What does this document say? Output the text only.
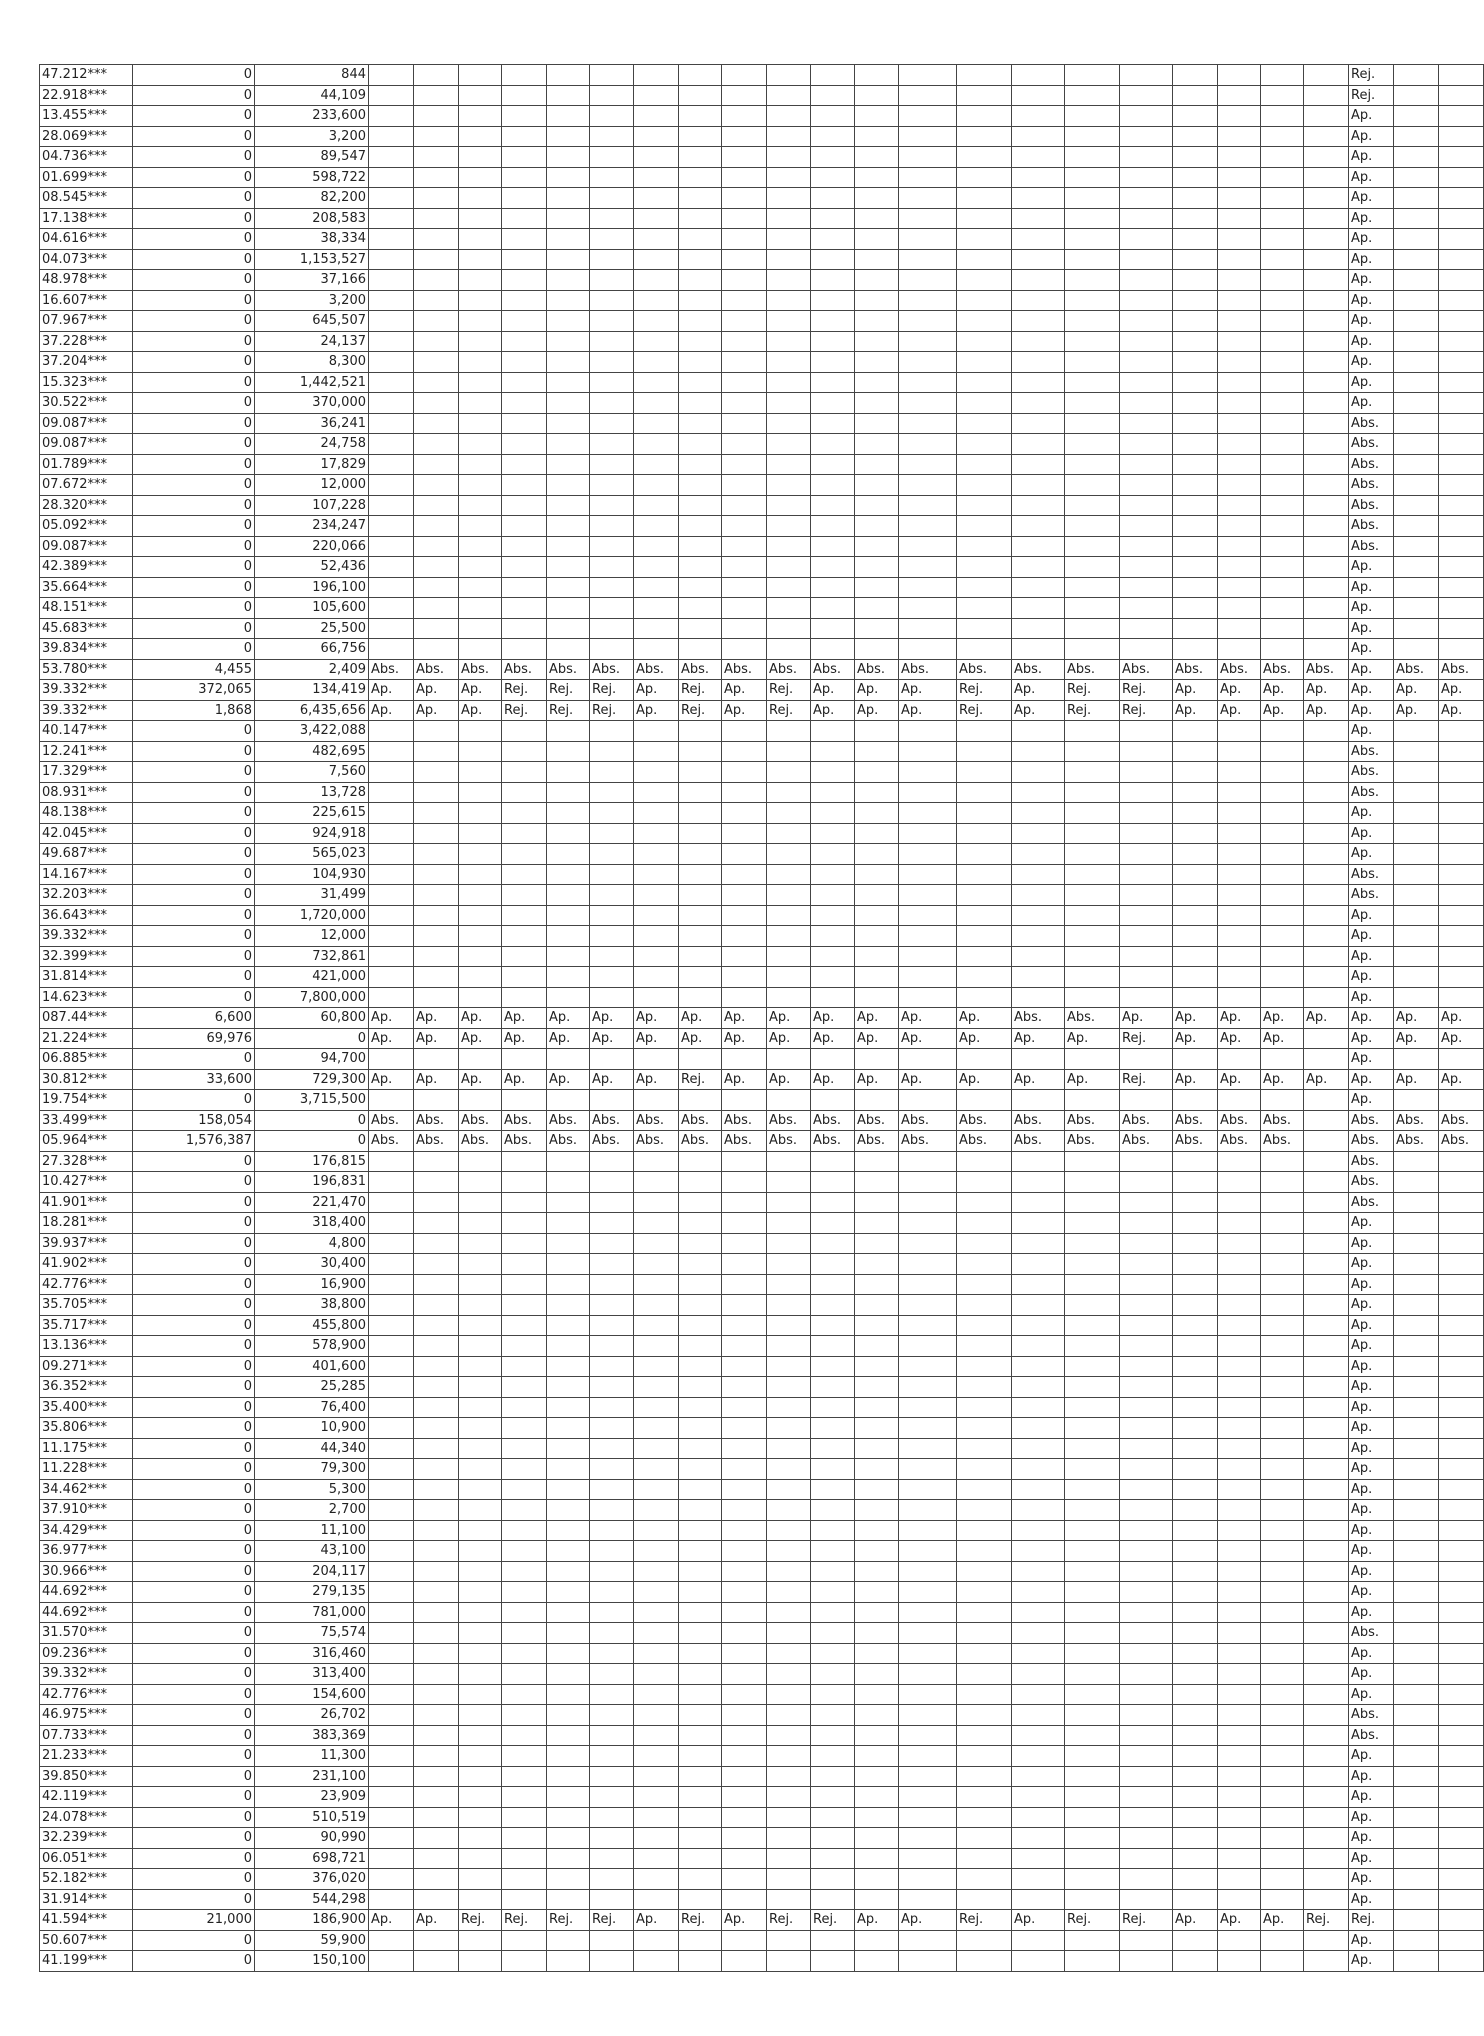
47.212***	0	844																						Rej.		
22.918***	0	44,109																						Rej.		
13.455***	0	233,600																						Ap.		
28.069***	0	3,200																						Ap.		
04.736***	0	89,547																						Ap.		
01.699***	0	598,722																						Ap.		
08.545***	0	82,200																						Ap.		
17.138***	0	208,583																						Ap.		
04.616***	0	38,334																						Ap.		
04.073***	0	1,153,527																						Ap.		
48.978***	0	37,166																						Ap.		
16.607***	0	3,200																						Ap.		
07.967***	0	645,507																						Ap.		
37.228***	0	24,137																						Ap.		
37.204***	0	8,300																						Ap.		
15.323***	0	1,442,521																						Ap.		
30.522***	0	370,000																						Ap.		
09.087***	0	36,241																						Abs.		
09.087***	0	24,758																						Abs.		
01.789***	0	17,829																						Abs.		
07.672***	0	12,000																						Abs.		
28.320***	0	107,228																						Abs.		
05.092***	0	234,247																						Abs.		
09.087***	0	220,066																						Abs.		
42.389***	0	52,436																						Ap.		
35.664***	0	196,100																						Ap.		
48.151***	0	105,600																						Ap.		
45.683***	0	25,500																						Ap.		
39.834***	0	66,756																						Ap.		
53.780***	4,455	2,409	Abs.	Abs.	Abs.	Abs.	Abs.	Abs.	Abs.	Abs.	Abs.	Abs.	Abs.	Abs.	Abs.	Abs.	Abs.	Abs.	Abs.	Abs.	Abs.	Abs.	Abs.	Ap.	Abs.	Abs.
39.332***	372,065	134,419	Ap.	Ap.	Ap.	Rej.	Rej.	Rej.	Ap.	Rej.	Ap.	Rej.	Ap.	Ap.	Ap.	Rej.	Ap.	Rej.	Rej.	Ap.	Ap.	Ap.	Ap.	Ap.	Ap.	Ap.
39.332***	1,868	6,435,656	Ap.	Ap.	Ap.	Rej.	Rej.	Rej.	Ap.	Rej.	Ap.	Rej.	Ap.	Ap.	Ap.	Rej.	Ap.	Rej.	Rej.	Ap.	Ap.	Ap.	Ap.	Ap.	Ap.	Ap.
40.147***	0	3,422,088																						Ap.		
12.241***	0	482,695																						Abs.		
17.329***	0	7,560																						Abs.		
08.931***	0	13,728																						Abs.		
48.138***	0	225,615																						Ap.		
42.045***	0	924,918																						Ap.		
49.687***	0	565,023																						Ap.		
14.167***	0	104,930																						Abs.		
32.203***	0	31,499																						Abs.		
36.643***	0	1,720,000																						Ap.		
39.332***	0	12,000																						Ap.		
32.399***	0	732,861																						Ap.		
31.814***	0	421,000																						Ap.		
14.623***	0	7,800,000																						Ap.		
087.44***	6,600	60,800	Ap.	Ap.	Ap.	Ap.	Ap.	Ap.	Ap.	Ap.	Ap.	Ap.	Ap.	Ap.	Ap.	Ap.	Abs.	Abs.	Ap.	Ap.	Ap.	Ap.	Ap.	Ap.	Ap.	Ap.
21.224***	69,976	0	Ap.	Ap.	Ap.	Ap.	Ap.	Ap.	Ap.	Ap.	Ap.	Ap.	Ap.	Ap.	Ap.	Ap.	Ap.	Ap.	Rej.	Ap.	Ap.	Ap.		Ap.	Ap.	Ap.
06.885***	0	94,700																						Ap.		
30.812***	33,600	729,300	Ap.	Ap.	Ap.	Ap.	Ap.	Ap.	Ap.	Rej.	Ap.	Ap.	Ap.	Ap.	Ap.	Ap.	Ap.	Ap.	Rej.	Ap.	Ap.	Ap.	Ap.	Ap.	Ap.	Ap.
19.754***	0	3,715,500																						Ap.		
33.499***	158,054	0	Abs.	Abs.	Abs.	Abs.	Abs.	Abs.	Abs.	Abs.	Abs.	Abs.	Abs.	Abs.	Abs.	Abs.	Abs.	Abs.	Abs.	Abs.	Abs.	Abs.		Abs.	Abs.	Abs.
05.964***	1,576,387	0	Abs.	Abs.	Abs.	Abs.	Abs.	Abs.	Abs.	Abs.	Abs.	Abs.	Abs.	Abs.	Abs.	Abs.	Abs.	Abs.	Abs.	Abs.	Abs.	Abs.		Abs.	Abs.	Abs.
27.328***	0	176,815																						Abs.		
10.427***	0	196,831																						Abs.		
41.901***	0	221,470																						Abs.		
18.281***	0	318,400																						Ap.		
39.937***	0	4,800																						Ap.		
41.902***	0	30,400																						Ap.		
42.776***	0	16,900																						Ap.		
35.705***	0	38,800																						Ap.		
35.717***	0	455,800																						Ap.		
13.136***	0	578,900																						Ap.		
09.271***	0	401,600																						Ap.		
36.352***	0	25,285																						Ap.		
35.400***	0	76,400																						Ap.		
35.806***	0	10,900																						Ap.		
11.175***	0	44,340																						Ap.		
11.228***	0	79,300																						Ap.		
34.462***	0	5,300																						Ap.		
37.910***	0	2,700																						Ap.		
34.429***	0	11,100																						Ap.		
36.977***	0	43,100																						Ap.		
30.966***	0	204,117																						Ap.		
44.692***	0	279,135																						Ap.		
44.692***	0	781,000																						Ap.		
31.570***	0	75,574																						Abs.		
09.236***	0	316,460																						Ap.		
39.332***	0	313,400																						Ap.		
42.776***	0	154,600																						Ap.		
46.975***	0	26,702																						Abs.		
07.733***	0	383,369																						Abs.		
21.233***	0	11,300																						Ap.		
39.850***	0	231,100																						Ap.		
42.119***	0	23,909																						Ap.		
24.078***	0	510,519																						Ap.		
32.239***	0	90,990																						Ap.		
06.051***	0	698,721																						Ap.		
52.182***	0	376,020																						Ap.		
31.914***	0	544,298																						Ap.		
41.594***	21,000	186,900	Ap.	Ap.	Rej.	Rej.	Rej.	Rej.	Ap.	Rej.	Ap.	Rej.	Rej.	Ap.	Ap.	Rej.	Ap.	Rej.	Rej.	Ap.	Ap.	Ap.	Rej.	Rej.		
50.607***	0	59,900																						Ap.		
41.199***	0	150,100																						Ap.		
